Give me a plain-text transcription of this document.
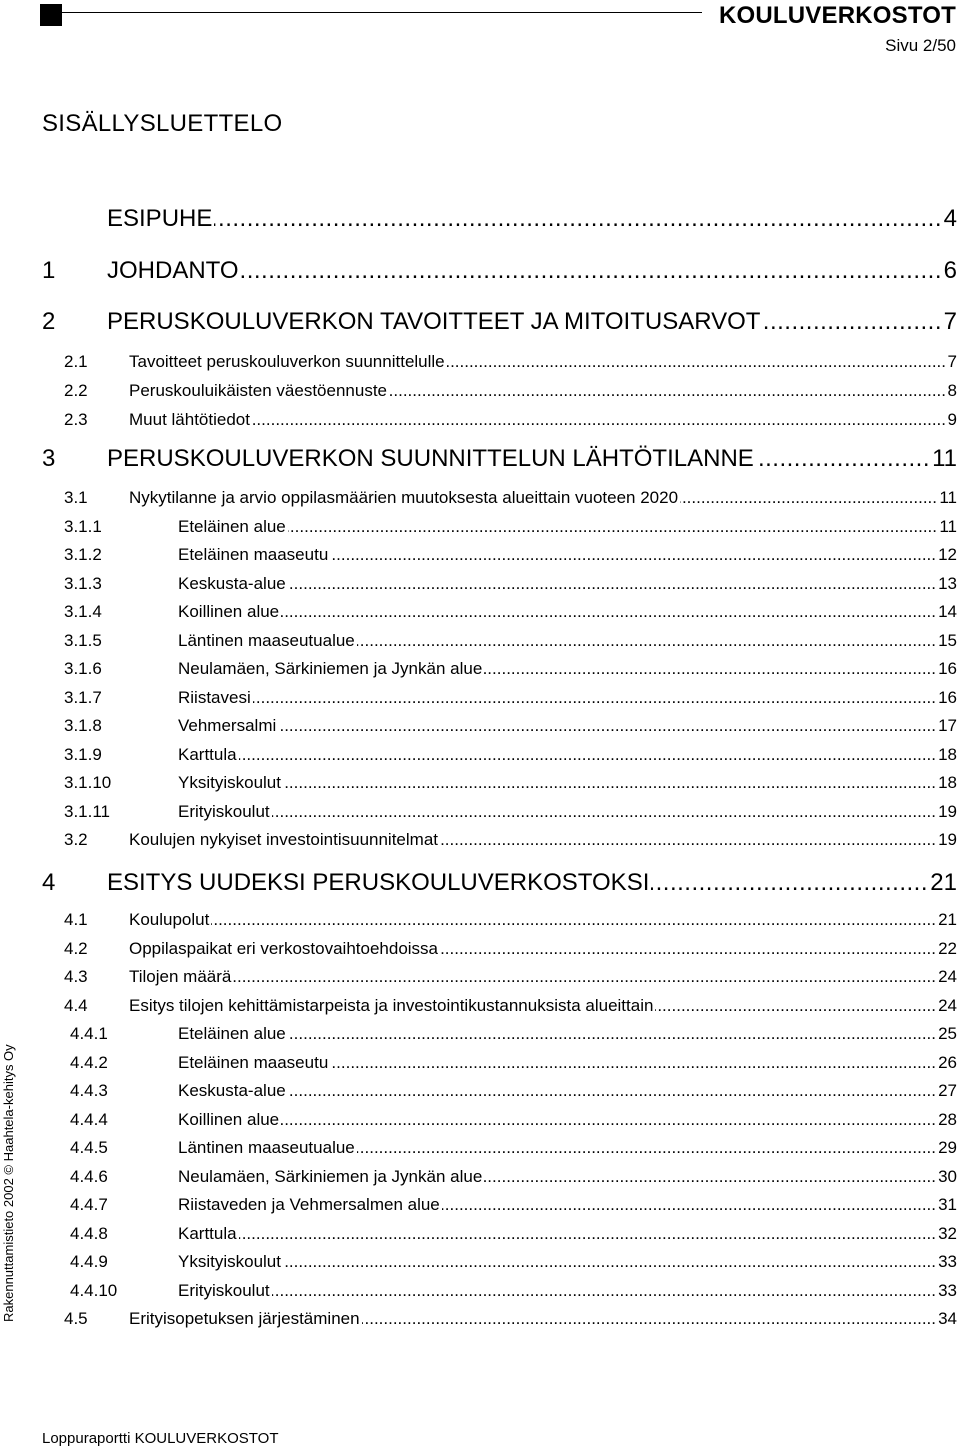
KOULUVERKOSTOT
Sivu 2/50
SISÄLLYSLUETTELO
ESIPUHE .....	4
1 JOHDANTO .....	6
2 PERUSKOULUVERKON TAVOITTEET JA MITOITUSARVOT .....	7
2.1 Tavoitteet peruskouluverkon suunnittelulle .....	7
2.2 Peruskouluikäisten väestöennuste .....	8
2.3 Muut lähtötiedot .....	9
3 PERUSKOULUVERKON SUUNNITTELUN LÄHTÖTILANNE .....	11
3.1 Nykytilanne ja arvio oppilasmäärien muutoksesta alueittain vuoteen 2020 .....	11
3.1.1	Eteläinen alue .....	11
3.1.2	Eteläinen maaseutu .....	12
3.1.3	Keskusta-alue .....	13
3.1.4	Koillinen alue .....	14
3.1.5	Läntinen maaseutualue .....	15
3.1.6	Neulamäen, Särkiniemen ja Jynkän alue .....	16
3.1.7	Riistavesi .....	16
3.1.8	Vehmersalmi .....	17
3.1.9	Karttula .....	18
3.1.10	Yksityiskoulut .....	18
3.1.11	Erityiskoulut .....	19
3.2 Koulujen nykyiset investointisuunnitelmat .....	19
4 ESITYS UUDEKSI PERUSKOULUVERKOSTOKSI .....	21
4.1 Koulupolut .....	21
4.2 Oppilaspaikat eri verkostovaihtoehdoissa .....	22
4.3 Tilojen määrä .....	24
4.4 Esitys tilojen kehittämistarpeista ja investointikustannuksista alueittain .....	24
4.4.1	Eteläinen alue .....	25
4.4.2	Eteläinen maaseutu .....	26
4.4.3	Keskusta-alue .....	27
4.4.4	Koillinen alue .....	28
4.4.5	Läntinen maaseutualue .....	29
4.4.6	Neulamäen, Särkiniemen ja Jynkän alue .....	30
4.4.7	Riistaveden ja Vehmersalmen alue .....	31
4.4.8	Karttula .....	32
4.4.9	Yksityiskoulut .....	33
4.4.10	Erityiskoulut .....	33
4.5 Erityisopetuksen järjestäminen .....	34
Rakennuttamistieto 2002 © Haahtela-kehitys Oy
Loppuraportti KOULUVERKOSTOT
